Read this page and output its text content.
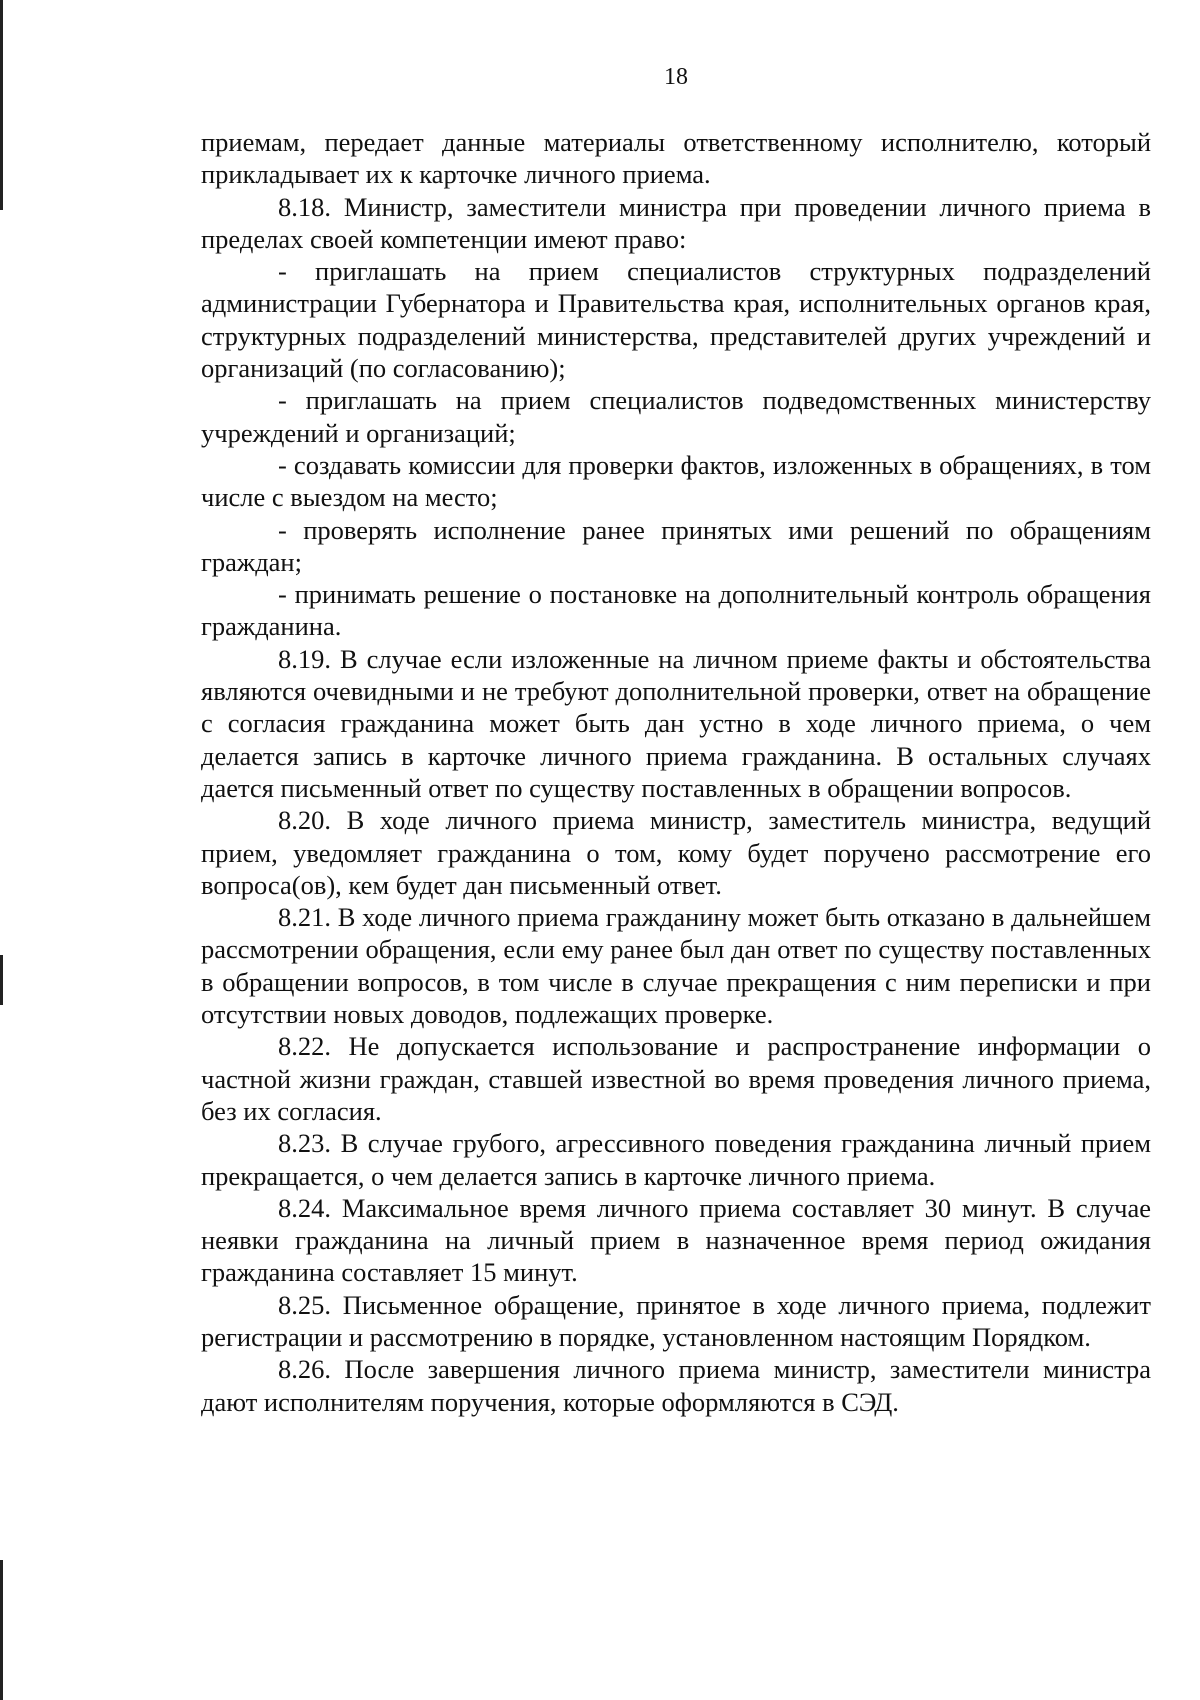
18

приемам, передает данные материалы ответственному исполнителю, который прикладывает их к карточке личного приема.

8.18. Министр, заместители министра при проведении личного приема в пределах своей компетенции имеют право:

- приглашать на прием специалистов структурных подразделений администрации Губернатора и Правительства края, исполнительных органов края, структурных подразделений министерства, представителей других учреждений и организаций (по согласованию);

- приглашать на прием специалистов подведомственных министерству учреждений и организаций;

- создавать комиссии для проверки фактов, изложенных в обращениях, в том числе с выездом на место;

- проверять исполнение ранее принятых ими решений по обращениям граждан;

- принимать решение о постановке на дополнительный контроль обращения гражданина.

8.19. В случае если изложенные на личном приеме факты и обстоятельства являются очевидными и не требуют дополнительной проверки, ответ на обращение с согласия гражданина может быть дан устно в ходе личного приема, о чем делается запись в карточке личного приема гражданина. В остальных случаях дается письменный ответ по существу поставленных в обращении вопросов.

8.20. В ходе личного приема министр, заместитель министра, ведущий прием, уведомляет гражданина о том, кому будет поручено рассмотрение его вопроса(ов), кем будет дан письменный ответ.

8.21. В ходе личного приема гражданину может быть отказано в дальнейшем рассмотрении обращения, если ему ранее был дан ответ по существу поставленных в обращении вопросов, в том числе в случае прекращения с ним переписки и при отсутствии новых доводов, подлежащих проверке.

8.22. Не допускается использование и распространение информации о частной жизни граждан, ставшей известной во время проведения личного приема, без их согласия.

8.23. В случае грубого, агрессивного поведения гражданина личный прием прекращается, о чем делается запись в карточке личного приема.

8.24. Максимальное время личного приема составляет 30 минут. В случае неявки гражданина на личный прием в назначенное время период ожидания гражданина составляет 15 минут.

8.25. Письменное обращение, принятое в ходе личного приема, подлежит регистрации и рассмотрению в порядке, установленном настоящим Порядком.

8.26. После завершения личного приема министр, заместители министра дают исполнителям поручения, которые оформляются в СЭД.
